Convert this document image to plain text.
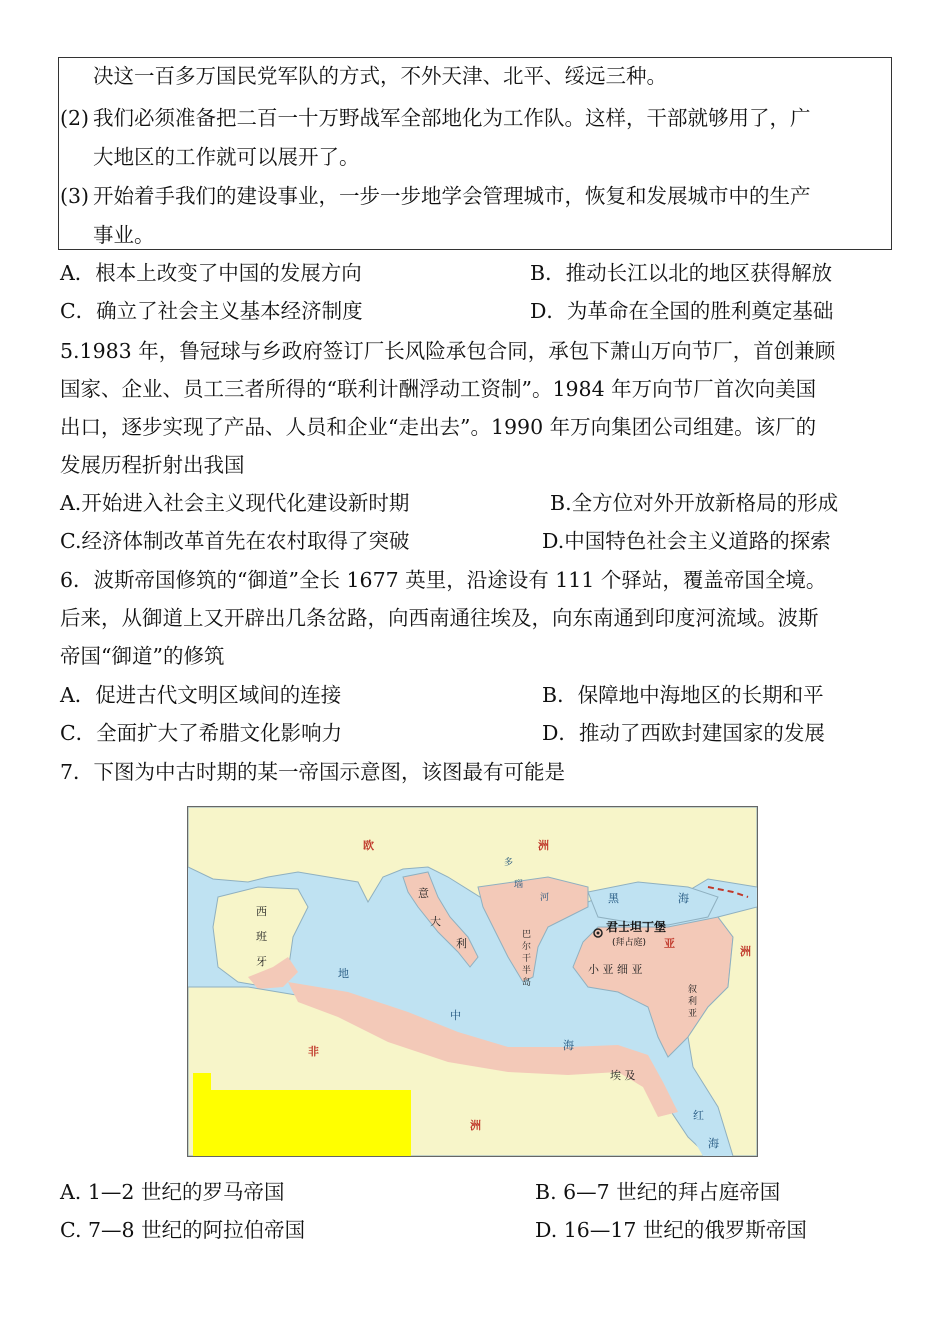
决这一百多万国民党军队的方式，不外天津、北平、绥远三种。
(2) 我们必须准备把二百一十万野战军全部地化为工作队。这样，干部就够用了，广
大地区的工作就可以展开了。
(3) 开始着手我们的建设事业，一步一步地学会管理城市，恢复和发展城市中的生产
事业。
A．根本上改变了中国的发展方向	B．推动长江以北的地区获得解放
C．确立了社会主义基本经济制度	D．为革命在全国的胜利奠定基础
5.1983 年，鲁冠球与乡政府签订厂长风险承包合同，承包下萧山万向节厂，首创兼顾
国家、企业、员工三者所得的“联利计酬浮动工资制”。1984 年万向节厂首次向美国
出口，逐步实现了产品、人员和企业“走出去”。1990 年万向集团公司组建。该厂的
发展历程折射出我国
A.开始进入社会主义现代化建设新时期	B.全方位对外开放新格局的形成
C.经济体制改革首先在农村取得了突破	D.中国特色社会主义道路的探索
6．波斯帝国修筑的“御道”全长 1677 英里，沿途设有 111 个驿站，覆盖帝国全境。
后来，从御道上又开辟出几条岔路，向西南通往埃及，向东南通到印度河流域。波斯
帝国“御道”的修筑
A．促进古代文明区域间的连接	B．保障地中海地区的长期和平
C．全面扩大了希腊文化影响力	D．推动了西欧封建国家的发展
7．下图为中古时期的某一帝国示意图，该图最有可能是
欧	洲
西
班
牙
意
大
利
地
中
海
多
瑙
河	黑	海
君士坦丁堡
(拜占庭)
巴
尔
干
半
岛
小 亚 细 亚
亚
洲
叙
利
亚
埃 及
红
海
非
洲
A. 1—2 世纪的罗马帝国	B. 6—7 世纪的拜占庭帝国
C. 7—8 世纪的阿拉伯帝国	D. 16—17 世纪的俄罗斯帝国
